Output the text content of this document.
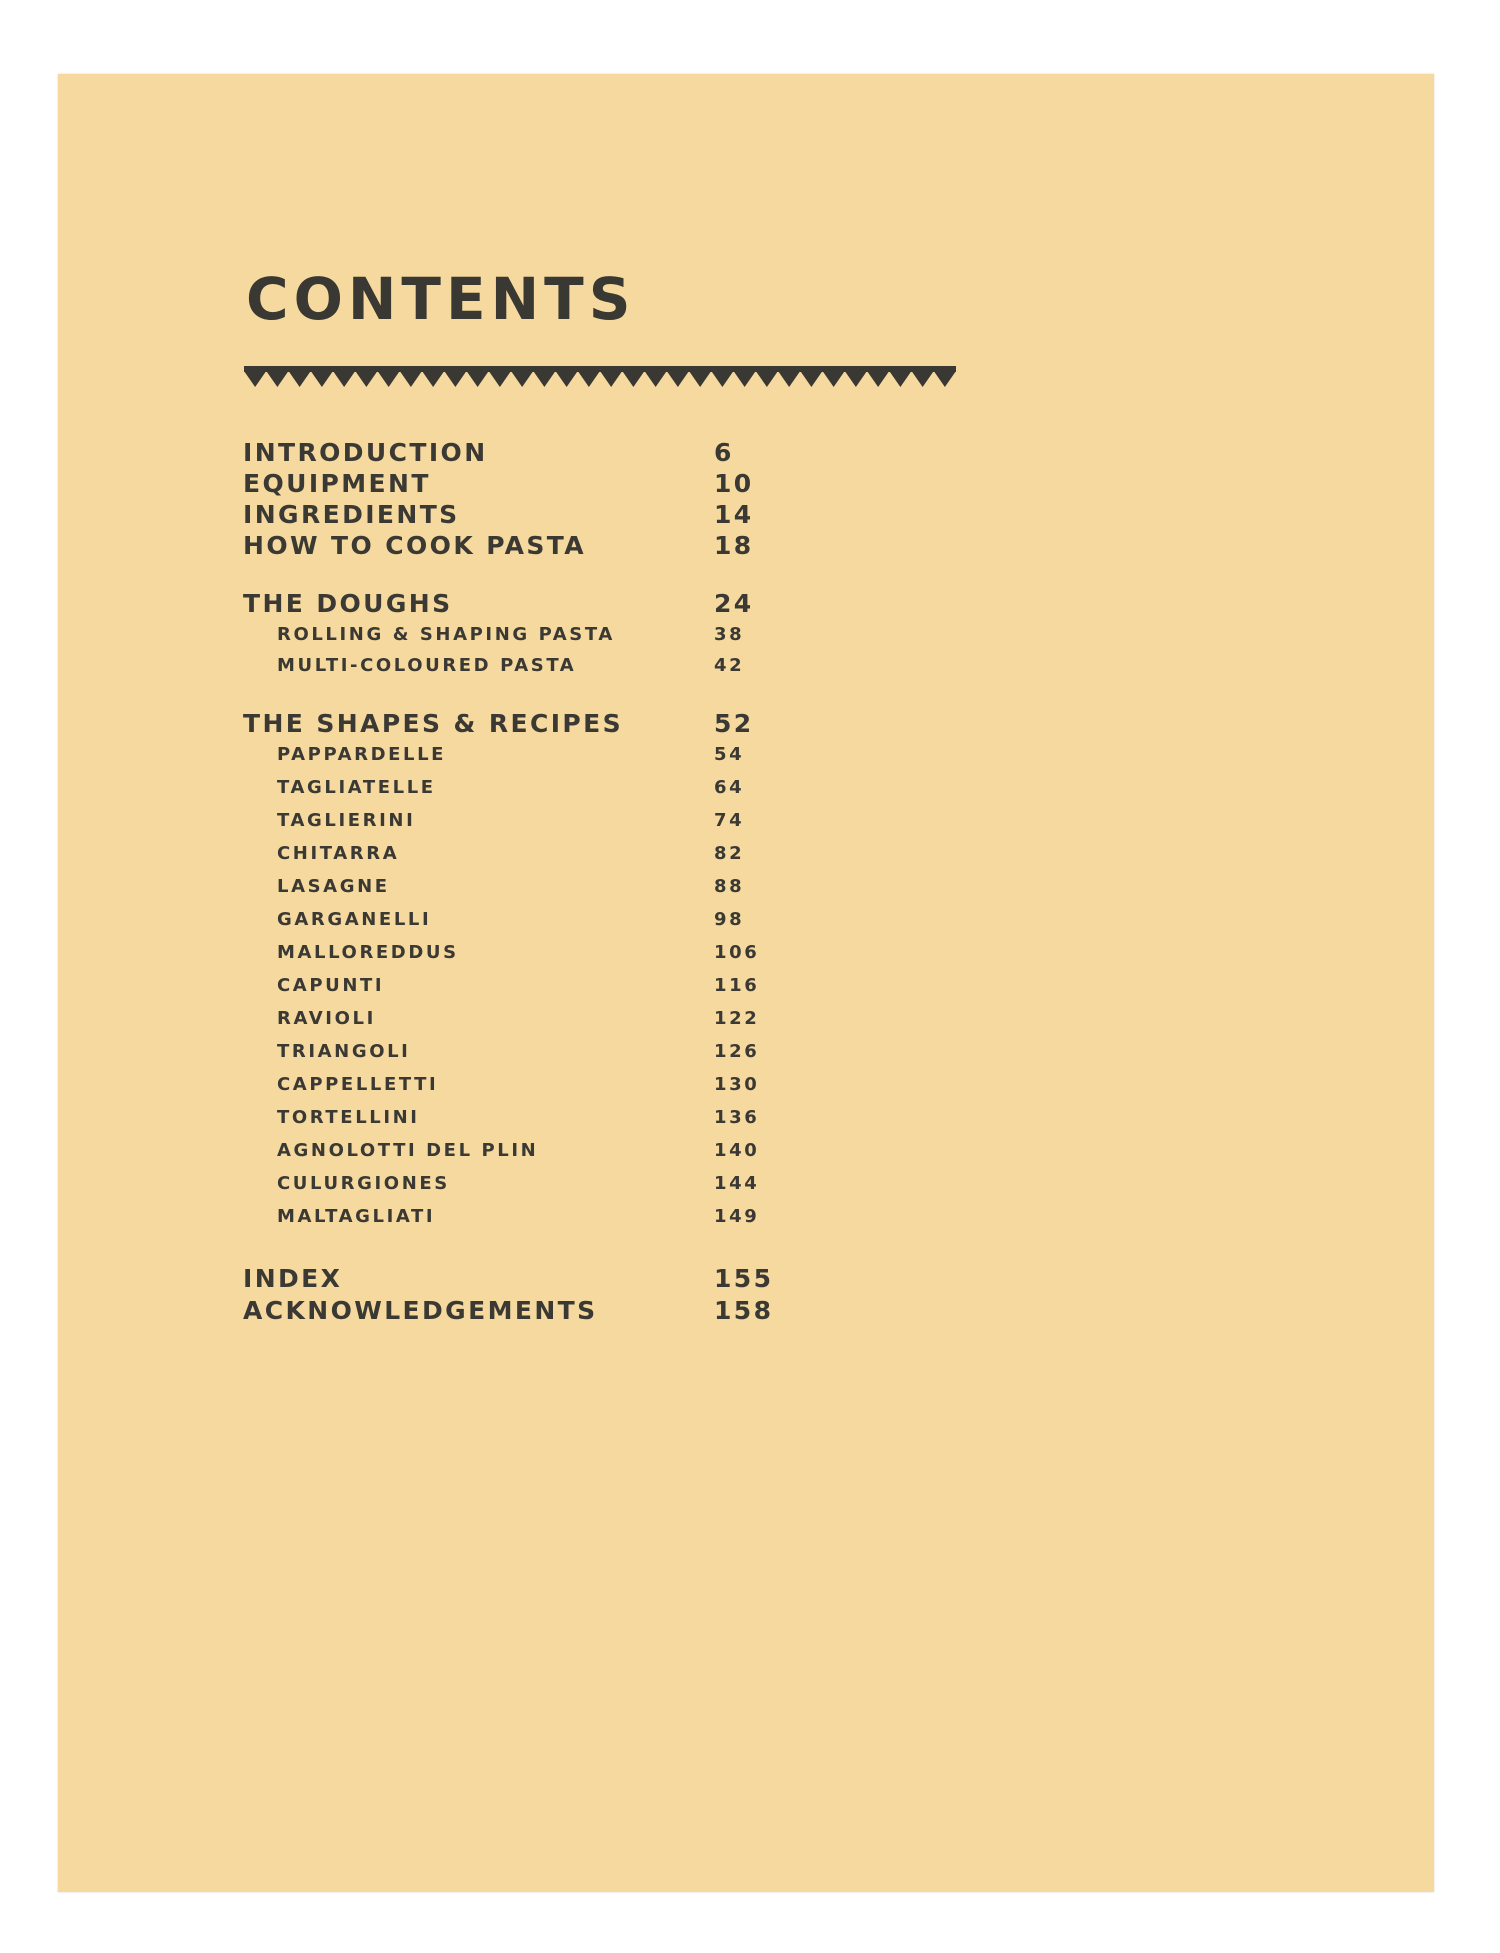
CONTENTS
INTRODUCTION	6
EQUIPMENT	10
INGREDIENTS	14
HOW TO COOK PASTA	18
THE DOUGHS	24
ROLLING & SHAPING PASTA	38
MULTI-COLOURED PASTA	42
THE SHAPES & RECIPES	52
PAPPARDELLE	54
TAGLIATELLE	64
TAGLIERINI	74
CHITARRA	82
LASAGNE	88
GARGANELLI	98
MALLOREDDUS	106
CAPUNTI	116
RAVIOLI	122
TRIANGOLI	126
CAPPELLETTI	130
TORTELLINI	136
AGNOLOTTI DEL PLIN	140
CULURGIONES	144
MALTAGLIATI	149
INDEX	155
ACKNOWLEDGEMENTS	158
